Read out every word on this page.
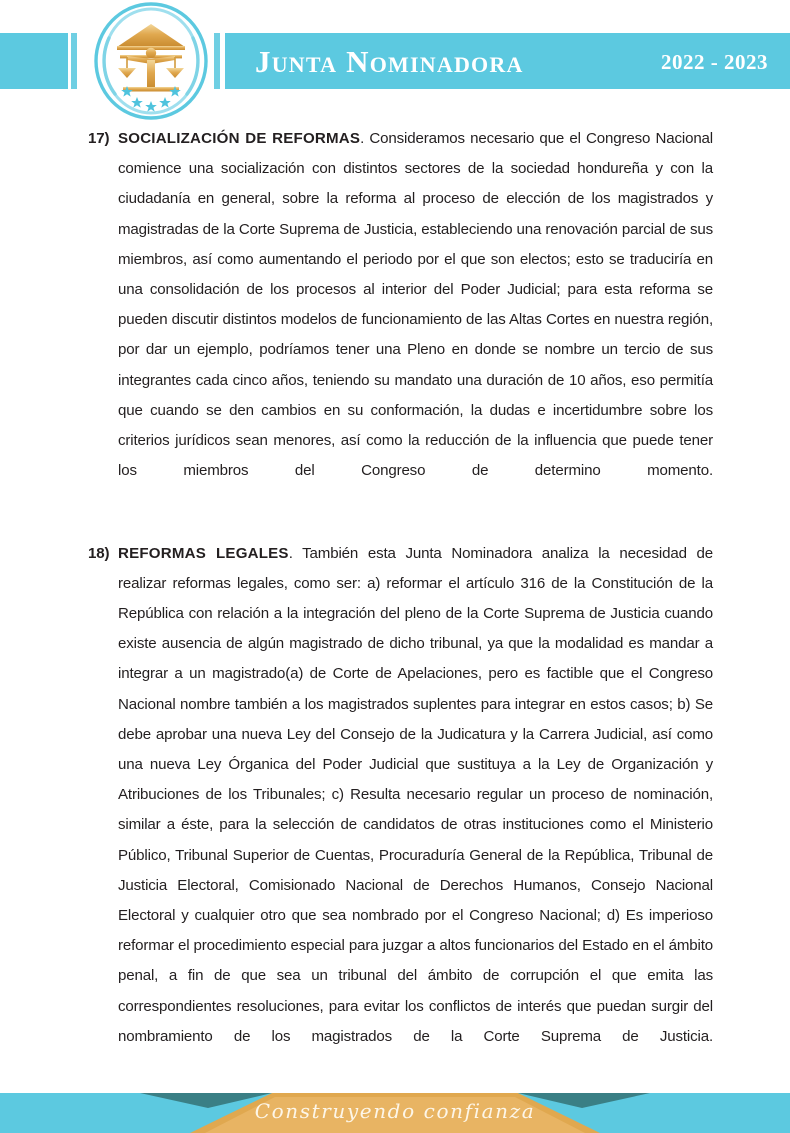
Junta Nominadora	2022 - 2023
17) SOCIALIZACIÓN DE REFORMAS. Consideramos necesario que el Congreso Nacional comience una socialización con distintos sectores de la sociedad hondureña y con la ciudadanía en general, sobre la reforma al proceso de elección de los magistrados y magistradas de la Corte Suprema de Justicia, estableciendo una renovación parcial de sus miembros, así como aumentando el periodo por el que son electos; esto se traduciría en una consolidación de los procesos al interior del Poder Judicial; para esta reforma se pueden discutir distintos modelos de funcionamiento de las Altas Cortes en nuestra región, por dar un ejemplo, podríamos tener una Pleno en donde se nombre un tercio de sus integrantes cada cinco años, teniendo su mandato una duración de 10 años, eso permitía que cuando se den cambios en su conformación, la dudas e incertidumbre sobre los criterios jurídicos sean menores, así como la reducción de la influencia que puede tener los miembros del Congreso de determino momento.
18) REFORMAS LEGALES. También esta Junta Nominadora analiza la necesidad de realizar reformas legales, como ser: a) reformar el artículo 316 de la Constitución de la República con relación a la integración del pleno de la Corte Suprema de Justicia cuando existe ausencia de algún magistrado de dicho tribunal, ya que la modalidad es mandar a integrar a un magistrado(a) de Corte de Apelaciones, pero es factible que el Congreso Nacional nombre también a los magistrados suplentes para integrar en estos casos; b) Se debe aprobar una nueva Ley del Consejo de la Judicatura y la Carrera Judicial, así como una nueva Ley Órganica del Poder Judicial que sustituya a la Ley de Organización y Atribuciones de los Tribunales; c) Resulta necesario regular un proceso de nominación, similar a éste, para la selección de candidatos de otras instituciones como el Ministerio Público, Tribunal Superior de Cuentas, Procuraduría General de la República, Tribunal de Justicia Electoral, Comisionado Nacional de Derechos Humanos, Consejo Nacional Electoral y cualquier otro que sea nombrado por el Congreso Nacional; d) Es imperioso reformar el procedimiento especial para juzgar a altos funcionarios del Estado en el ámbito penal, a fin de que sea un tribunal del ámbito de corrupción el que emita las correspondientes resoluciones, para evitar los conflictos de interés que puedan surgir del nombramiento de los magistrados de la Corte Suprema de Justicia.
Construyendo confianza
